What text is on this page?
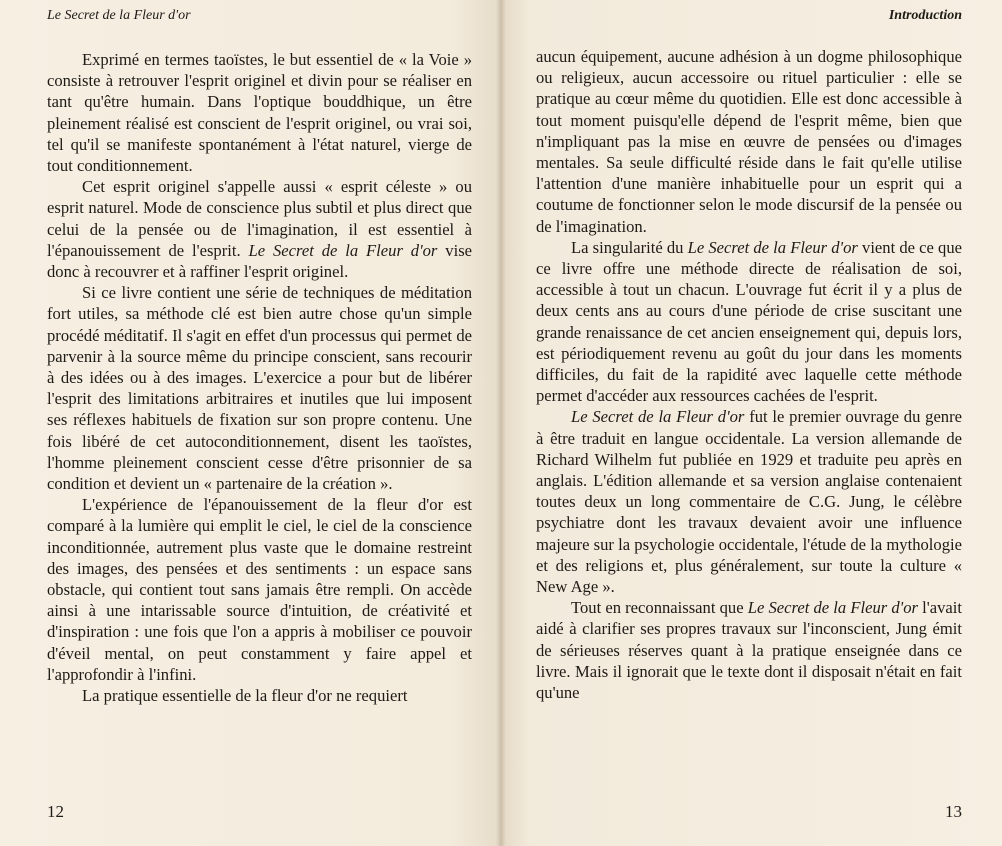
Le Secret de la Fleur d'or

Exprimé en termes taoïstes, le but essentiel de « la Voie » consiste à retrouver l'esprit originel et divin pour se réaliser en tant qu'être humain. Dans l'optique bouddhique, un être pleinement réalisé est conscient de l'esprit originel, ou vrai soi, tel qu'il se manifeste spontanément à l'état naturel, vierge de tout conditionnement.

Cet esprit originel s'appelle aussi « esprit céleste » ou esprit naturel. Mode de conscience plus subtil et plus direct que celui de la pensée ou de l'imagination, il est essentiel à l'épanouissement de l'esprit. Le Secret de la Fleur d'or vise donc à recouvrer et à raffiner l'esprit originel.

Si ce livre contient une série de techniques de méditation fort utiles, sa méthode clé est bien autre chose qu'un simple procédé méditatif. Il s'agit en effet d'un processus qui permet de parvenir à la source même du principe conscient, sans recourir à des idées ou à des images. L'exercice a pour but de libérer l'esprit des limitations arbitraires et inutiles que lui imposent ses réflexes habituels de fixation sur son propre contenu. Une fois libéré de cet autoconditionnement, disent les taoïstes, l'homme pleinement conscient cesse d'être prisonnier de sa condition et devient un « partenaire de la création ».

L'expérience de l'épanouissement de la fleur d'or est comparé à la lumière qui emplit le ciel, le ciel de la conscience inconditionnée, autrement plus vaste que le domaine restreint des images, des pensées et des sentiments : un espace sans obstacle, qui contient tout sans jamais être rempli. On accède ainsi à une intarissable source d'intuition, de créativité et d'inspiration : une fois que l'on a appris à mobiliser ce pouvoir d'éveil mental, on peut constamment y faire appel et l'approfondir à l'infini.

La pratique essentielle de la fleur d'or ne requiert

12
Introduction

aucun équipement, aucune adhésion à un dogme philosophique ou religieux, aucun accessoire ou rituel particulier : elle se pratique au cœur même du quotidien. Elle est donc accessible à tout moment puisqu'elle dépend de l'esprit même, bien que n'impliquant pas la mise en œuvre de pensées ou d'images mentales. Sa seule difficulté réside dans le fait qu'elle utilise l'attention d'une manière inhabituelle pour un esprit qui a coutume de fonctionner selon le mode discursif de la pensée ou de l'imagination.

La singularité du Le Secret de la Fleur d'or vient de ce que ce livre offre une méthode directe de réalisation de soi, accessible à tout un chacun. L'ouvrage fut écrit il y a plus de deux cents ans au cours d'une période de crise suscitant une grande renaissance de cet ancien enseignement qui, depuis lors, est périodiquement revenu au goût du jour dans les moments difficiles, du fait de la rapidité avec laquelle cette méthode permet d'accéder aux ressources cachées de l'esprit.

Le Secret de la Fleur d'or fut le premier ouvrage du genre à être traduit en langue occidentale. La version allemande de Richard Wilhelm fut publiée en 1929 et traduite peu après en anglais. L'édition allemande et sa version anglaise contenaient toutes deux un long commentaire de C.G. Jung, le célèbre psychiatre dont les travaux devaient avoir une influence majeure sur la psychologie occidentale, l'étude de la mythologie et des religions et, plus généralement, sur toute la culture « New Age ».

Tout en reconnaissant que Le Secret de la Fleur d'or l'avait aidé à clarifier ses propres travaux sur l'inconscient, Jung émit de sérieuses réserves quant à la pratique enseignée dans ce livre. Mais il ignorait que le texte dont il disposait n'était en fait qu'une

13
